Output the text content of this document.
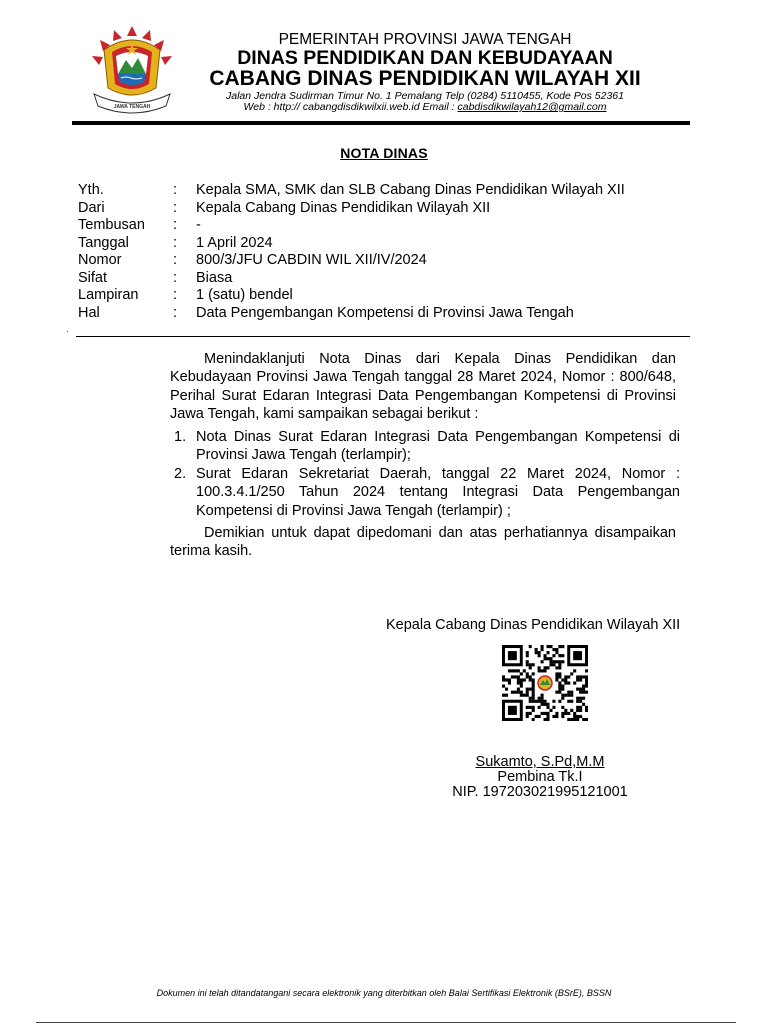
JAWA TENGAH
PEMERINTAH PROVINSI JAWA TENGAH
DINAS PENDIDIKAN DAN KEBUDAYAAN
CABANG DINAS PENDIDIKAN WILAYAH XII
Jalan Jendra Sudirman Timur No. 1 Pemalang Telp (0284) 5110455, Kode Pos 52361
Web : http:// cabangdisdikwilxii.web.id Email : cabdisdikwilayah12@gmail.com
NOTA DINAS
Yth.	: Kepala SMA, SMK dan SLB Cabang Dinas Pendidikan Wilayah XII
Dari	: Kepala Cabang Dinas Pendidikan Wilayah XII
Tembusan : -
Tanggal	: 1 April 2024
Nomor	: 800/3/JFU CABDIN WIL XII/IV/2024
Sifat	: Biasa
Lampiran : 1 (satu) bendel
Hal	: Data Pengembangan Kompetensi di Provinsi Jawa Tengah
.
Menindaklanjuti Nota Dinas dari Kepala Dinas Pendidikan dan Kebudayaan Provinsi Jawa Tengah tanggal 28 Maret 2024, Nomor : 800/648, Perihal Surat Edaran Integrasi Data Pengembangan Kompetensi di Provinsi Jawa Tengah, kami sampaikan sebagai berikut :
1. Nota Dinas Surat Edaran Integrasi Data Pengembangan Kompetensi di Provinsi Jawa Tengah (terlampir);
2. Surat Edaran Sekretariat Daerah, tanggal 22 Maret 2024, Nomor : 100.3.4.1/250 Tahun 2024 tentang Integrasi Data Pengembangan Kompetensi di Provinsi Jawa Tengah (terlampir) ;
Demikian untuk dapat dipedomani dan atas perhatiannya disampaikan terima kasih.
Kepala Cabang Dinas Pendidikan Wilayah XII
Sukamto, S.Pd,M.M
Pembina Tk.I
NIP. 197203021995121001
Dokumen ini telah ditandatangani secara elektronik yang diterbitkan oleh Balai Sertifikasi Elektronik (BSrE), BSSN
